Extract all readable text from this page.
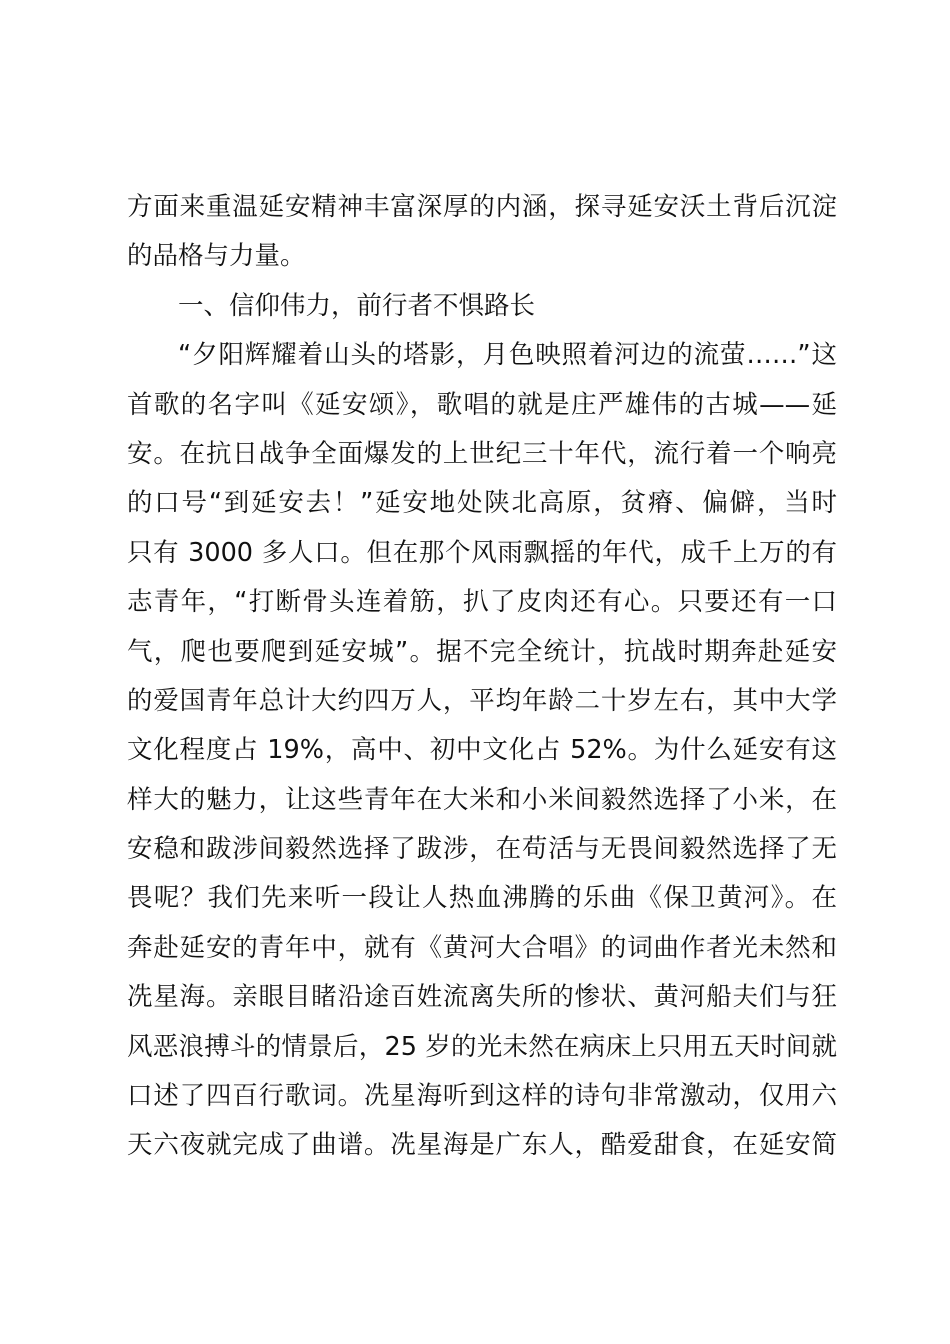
方面来重温延安精神丰富深厚的内涵，探寻延安沃土背后沉淀
的品格与力量。
一、信仰伟力，前行者不惧路长
“夕阳辉耀着山头的塔影，月色映照着河边的流萤……”这
首歌的名字叫《延安颂》，歌唱的就是庄严雄伟的古城——延
安。在抗日战争全面爆发的上世纪三十年代，流行着一个响亮
的口号“到延安去！”延安地处陕北高原，贫瘠、偏僻，当时
只有 3000 多人口。但在那个风雨飘摇的年代，成千上万的有
志青年，“打断骨头连着筋，扒了皮肉还有心。只要还有一口
气，爬也要爬到延安城”。据不完全统计，抗战时期奔赴延安
的爱国青年总计大约四万人，平均年龄二十岁左右，其中大学
文化程度占 19%，高中、初中文化占 52%。为什么延安有这
样大的魅力，让这些青年在大米和小米间毅然选择了小米，在
安稳和跋涉间毅然选择了跋涉，在苟活与无畏间毅然选择了无
畏呢？我们先来听一段让人热血沸腾的乐曲《保卫黄河》。在
奔赴延安的青年中，就有《黄河大合唱》的词曲作者光未然和
冼星海。亲眼目睹沿途百姓流离失所的惨状、黄河船夫们与狂
风恶浪搏斗的情景后，25 岁的光未然在病床上只用五天时间就
口述了四百行歌词。冼星海听到这样的诗句非常激动，仅用六
天六夜就完成了曲谱。冼星海是广东人，酷爱甜食，在延安简
